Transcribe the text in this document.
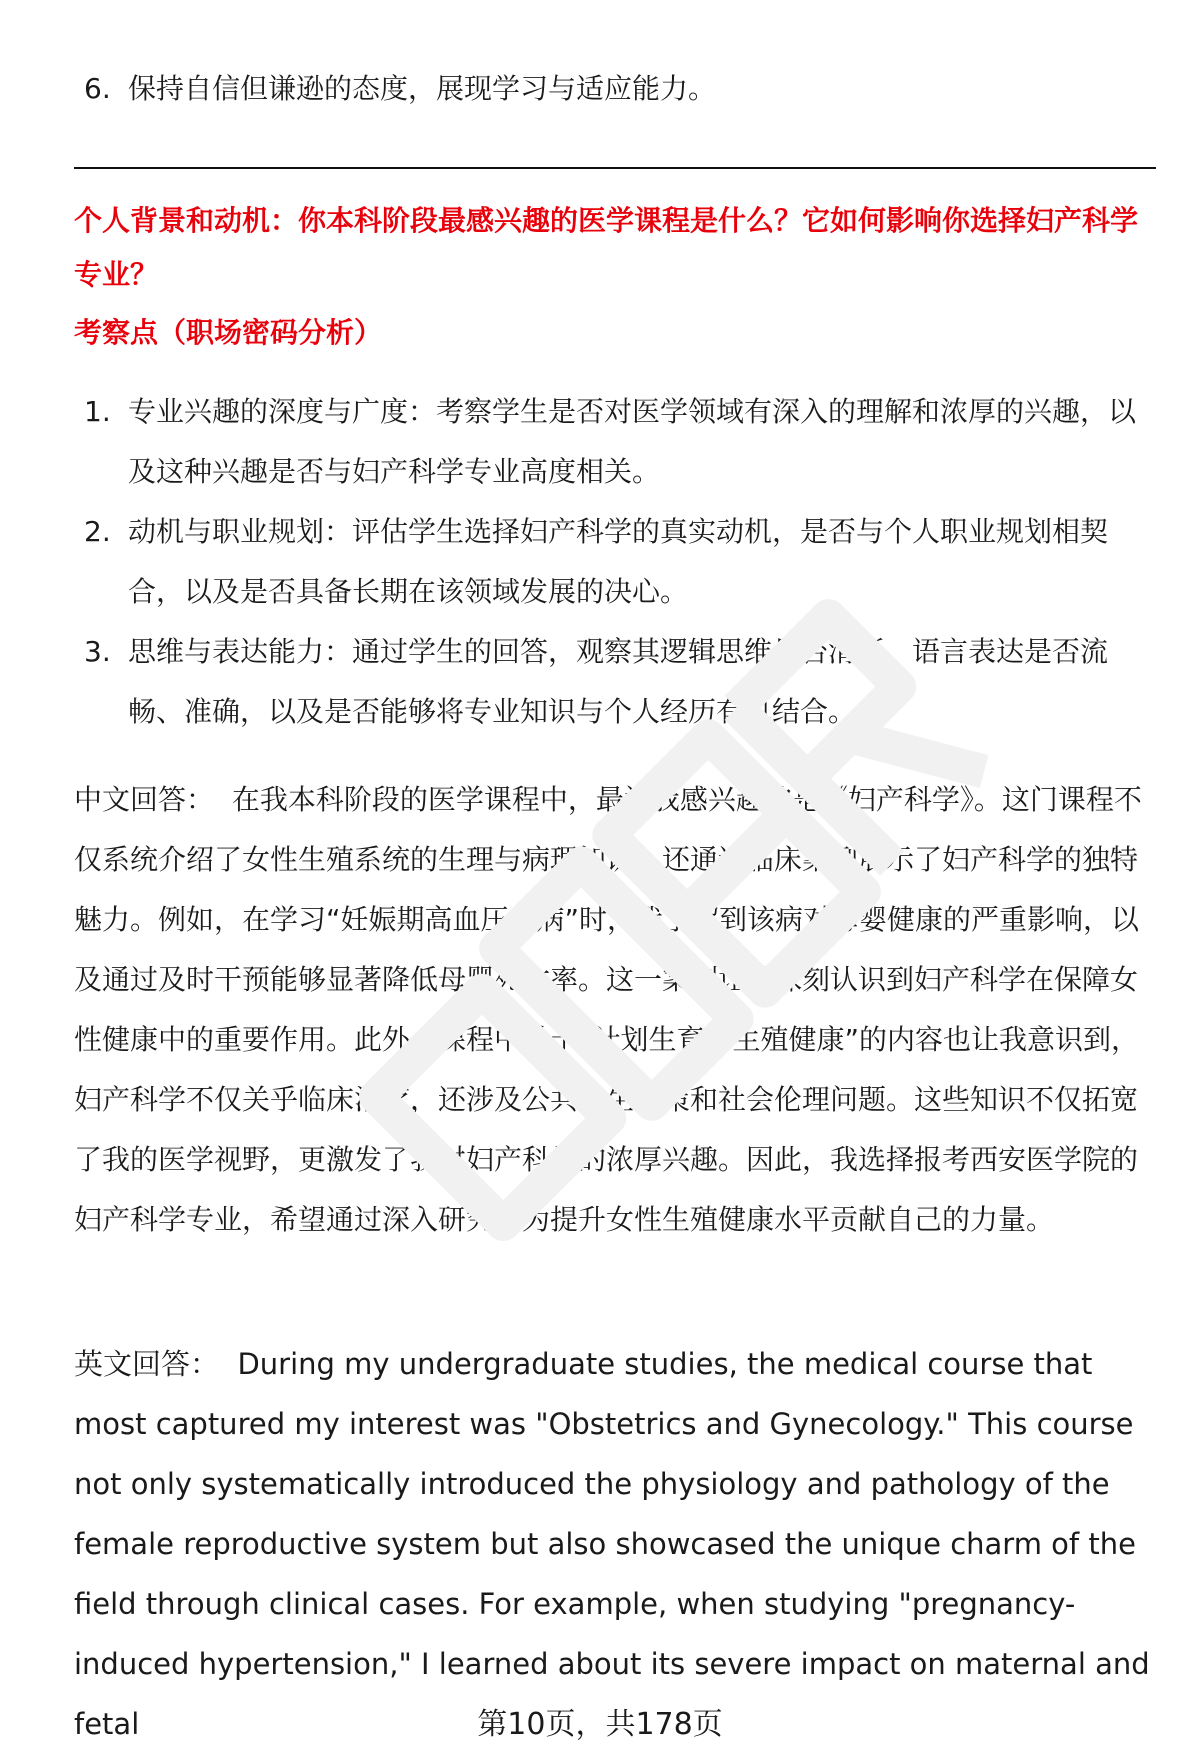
6. 保持自信但谦逊的态度，展现学习与适应能力。
个人背景和动机：你本科阶段最感兴趣的医学课程是什么？它如何影响你选择妇产科学专业？
考察点（职场密码分析）
1. 专业兴趣的深度与广度：考察学生是否对医学领域有深入的理解和浓厚的兴趣，以及这种兴趣是否与妇产科学专业高度相关。
2. 动机与职业规划：评估学生选择妇产科学的真实动机，是否与个人职业规划相契合，以及是否具备长期在该领域发展的决心。
3. 思维与表达能力：通过学生的回答，观察其逻辑思维是否清晰，语言表达是否流畅、准确，以及是否能够将专业知识与个人经历有机结合。

中文回答： 在我本科阶段的医学课程中，最让我感兴趣的是《妇产科学》。这门课程不仅系统介绍了女性生殖系统的生理与病理知识，还通过临床案例展示了妇产科学的独特魅力。例如，在学习“妊娠期高血压疾病”时，我了解到该病对母婴健康的严重影响，以及通过及时干预能够显著降低母婴死亡率。这一案例让我深刻认识到妇产科学在保障女性健康中的重要作用。此外，课程中关于“计划生育与生殖健康”的内容也让我意识到，妇产科学不仅关乎临床治疗，还涉及公共卫生政策和社会伦理问题。这些知识不仅拓宽了我的医学视野，更激发了我对妇产科学的浓厚兴趣。因此，我选择报考西安医学院的妇产科学专业，希望通过深入研究，为提升女性生殖健康水平贡献自己的力量。

英文回答： During my undergraduate studies, the medical course that most captured my interest was "Obstetrics and Gynecology." This course not only systematically introduced the physiology and pathology of the female reproductive system but also showcased the unique charm of the field through clinical cases. For example, when studying "pregnancy-induced hypertension," I learned about its severe impact on maternal and fetal	第10页，共178页
